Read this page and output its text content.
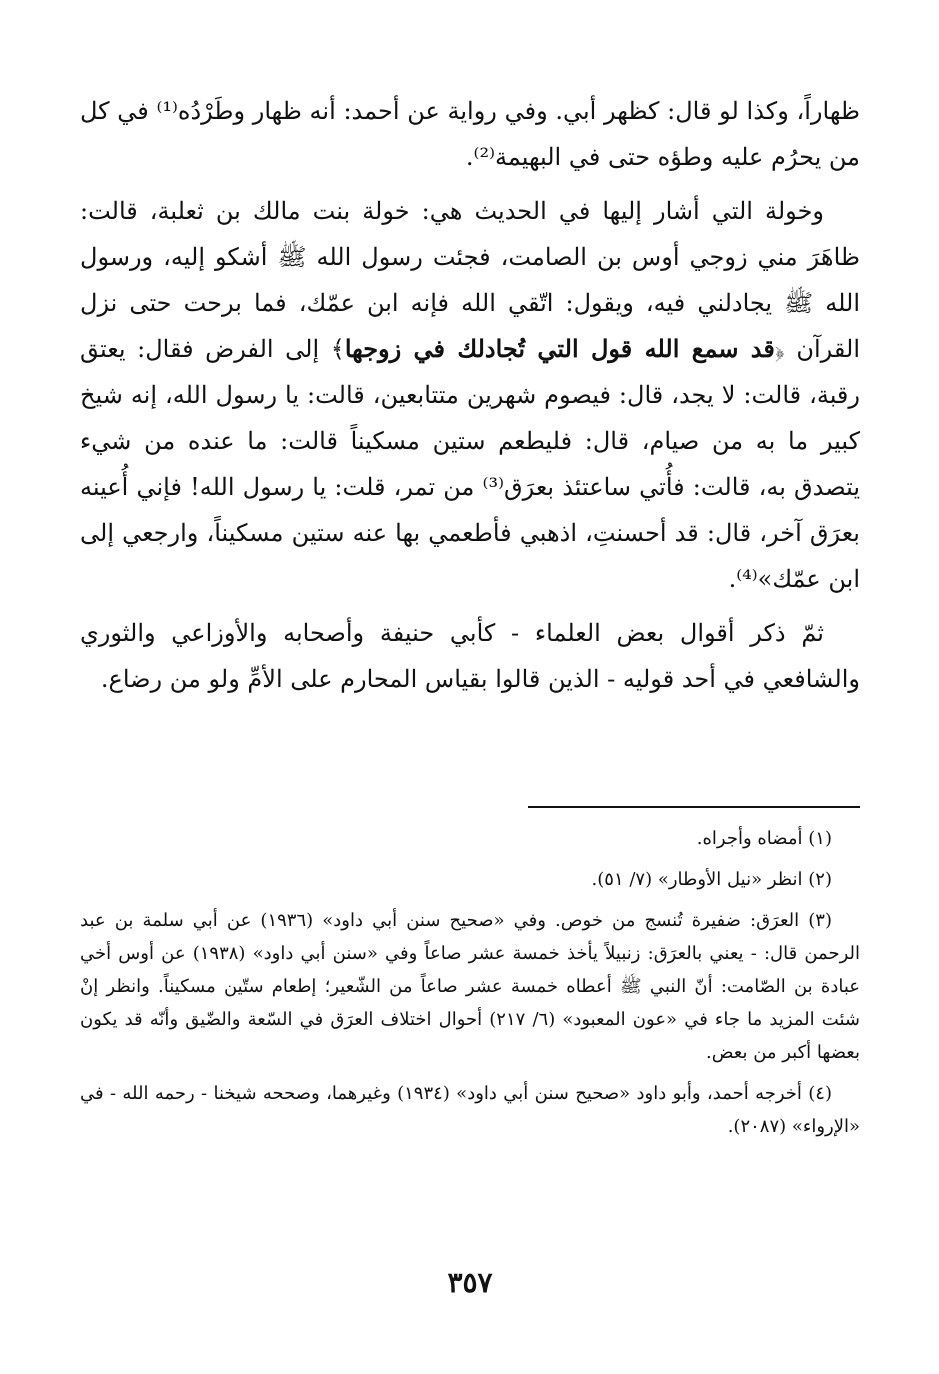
ظهاراً، وكذا لو قال: كظهر أبي. وفي رواية عن أحمد: أنه ظهار وطَرْدُه⁽¹⁾ في كل من يحرُم عليه وطؤه حتى في البهيمة⁽²⁾.

وخولة التي أشار إليها في الحديث هي: خولة بنت مالك بن ثعلبة، قالت: ظاهَرَ مني زوجي أوس بن الصامت، فجئت رسول الله ﷺ أشكو إليه، ورسول الله ﷺ يجادلني فيه، ويقول: اتّقي الله فإنه ابن عمّك، فما برحت حتى نزل القرآن ﴿قد سمع الله قول التي تُجادلك في زوجها﴾ إلى الفرض فقال: يعتق رقبة، قالت: لا يجد، قال: فيصوم شهرين متتابعين، قالت: يا رسول الله، إنه شيخ كبير ما به من صيام، قال: فليطعم ستين مسكيناً قالت: ما عنده من شيء يتصدق به، قالت: فأُتي ساعتئذ بعرَق⁽³⁾ من تمر، قلت: يا رسول الله! فإني أُعينه بعرَق آخر، قال: قد أحسنتِ، اذهبي فأطعمي بها عنه ستين مسكيناً، وارجعي إلى ابن عمّك»⁽⁴⁾.

ثمّ ذكر أقوال بعض العلماء - كأبي حنيفة وأصحابه والأوزاعي والثوري والشافعي في أحد قوليه - الذين قالوا بقياس المحارم على الأمِّ ولو من رضاع.

(١) أمضاه وأجراه.

(٢) انظر «نيل الأوطار» (٧/ ٥١).

(٣) العرَق: ضفيرة تُنسج من خوص. وفي «صحيح سنن أبي داود» (١٩٣٦) عن أبي سلمة بن عبد الرحمن قال: - يعني بالعرَق: زنبيلاً يأخذ خمسة عشر صاعاً وفي «سنن أبي داود» (١٩٣٨) عن أوس أخي عبادة بن الصّامت: أنّ النبي ﷺ أعطاه خمسة عشر صاعاً من الشّعير؛ إطعام ستّين مسكيناً. وانظر إنْ شئت المزيد ما جاء في «عون المعبود» (٦/ ٢١٧) أحوال اختلاف العرَق في السّعة والضّيق وأنّه قد يكون بعضها أكبر من بعض.

(٤) أخرجه أحمد، وأبو داود «صحيح سنن أبي داود» (١٩٣٤) وغيرهما، وصححه شيخنا - رحمه الله - في «الإرواء» (٢٠٨٧).

٣٥٧
